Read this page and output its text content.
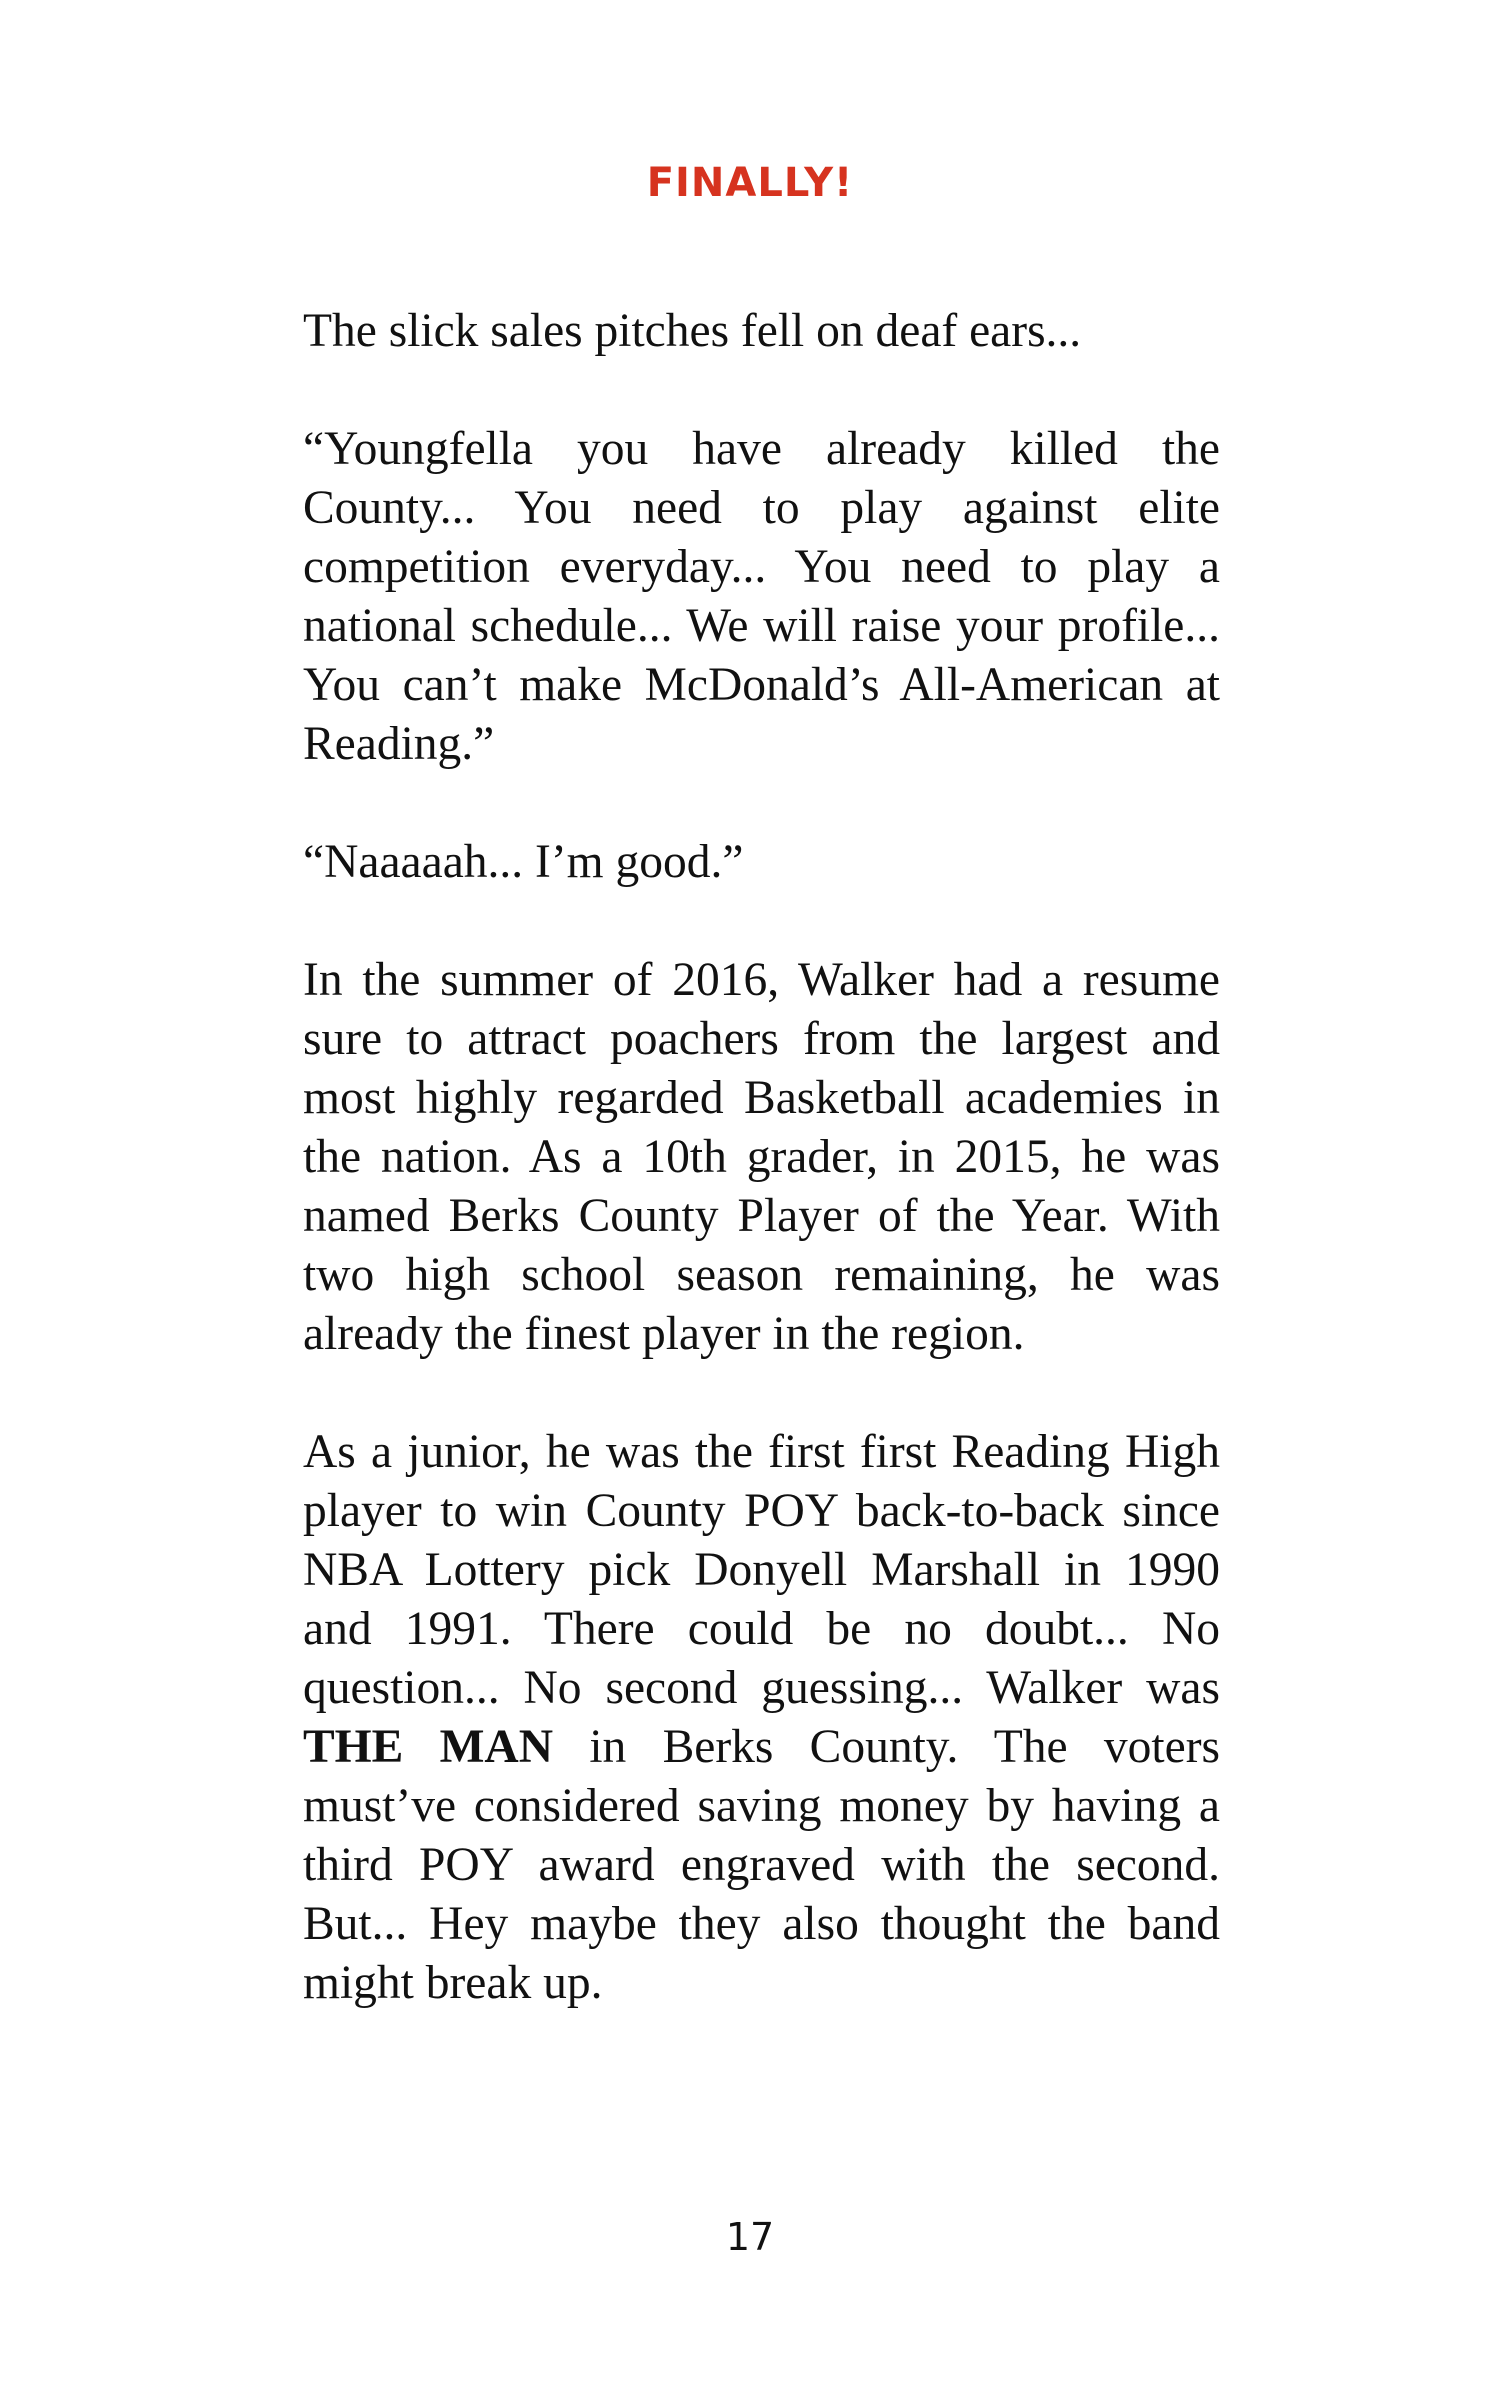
FINALLY!

The slick sales pitches fell on deaf ears...

“Youngfella you have already killed the County... You need to play against elite competition everyday... You need to play a national schedule... We will raise your profile... You can’t make McDonald’s All-American at Reading.”

“Naaaaah... I’m good.”

In the summer of 2016, Walker had a resume sure to attract poachers from the largest and most highly regarded Basketball academies in the nation. As a 10th grader, in 2015, he was named Berks County Player of the Year. With two high school season remaining, he was already the finest player in the region.

As a junior, he was the first first Reading High player to win County POY back-to-back since NBA Lottery pick Donyell Marshall in 1990 and 1991. There could be no doubt... No question... No second guessing... Walker was THE MAN in Berks County. The voters must’ve considered saving money by having a third POY award engraved with the second. But... Hey maybe they also thought the band might break up.

17
